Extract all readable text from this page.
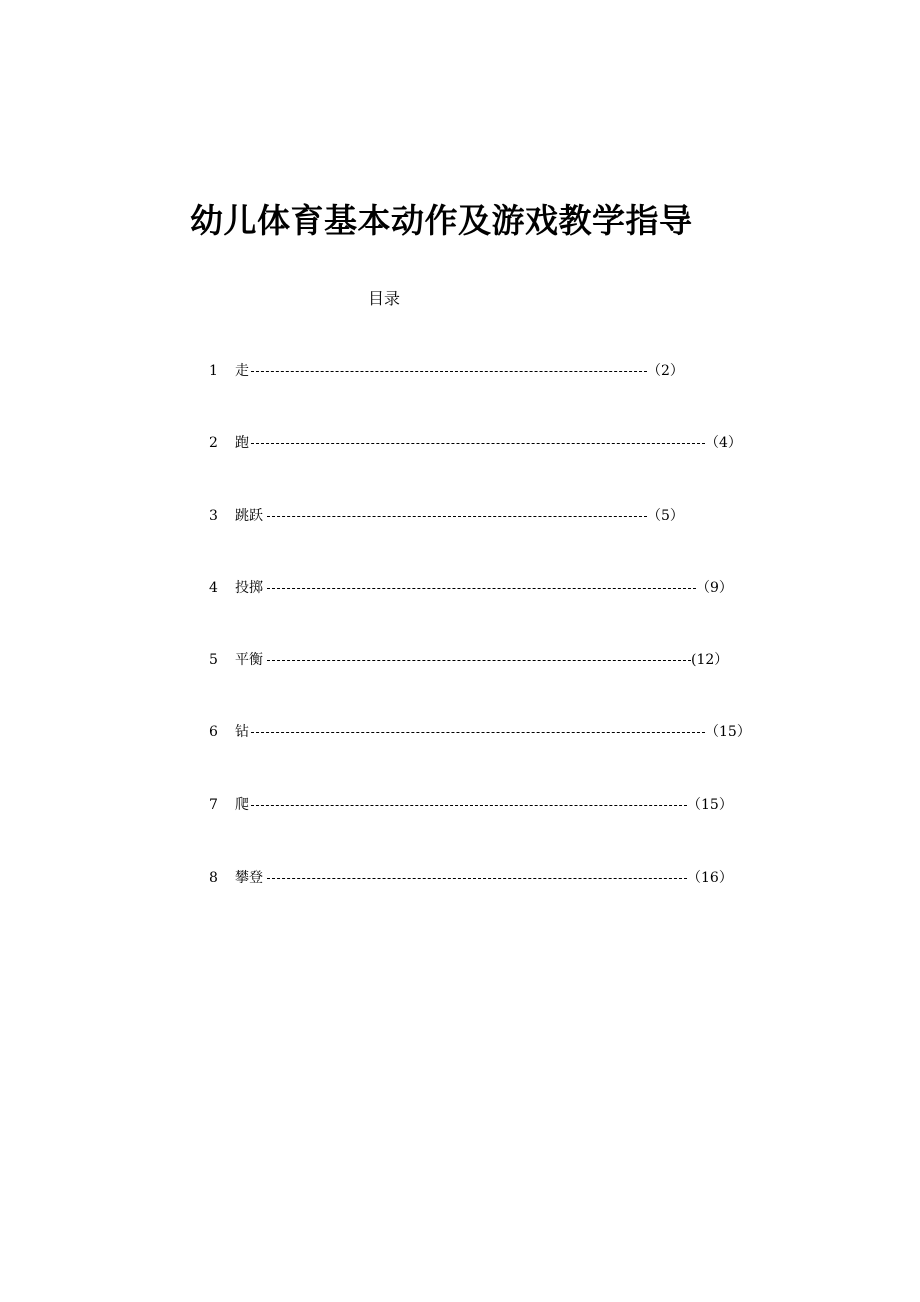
幼儿体育基本动作及游戏教学指导
目录
1 走	（2）
2 跑	（4）
3 跳跃	（5）
4 投掷	（9）
5 平衡	(12）
6 钻	（15）
7 爬	（15）
8 攀登	（16）
